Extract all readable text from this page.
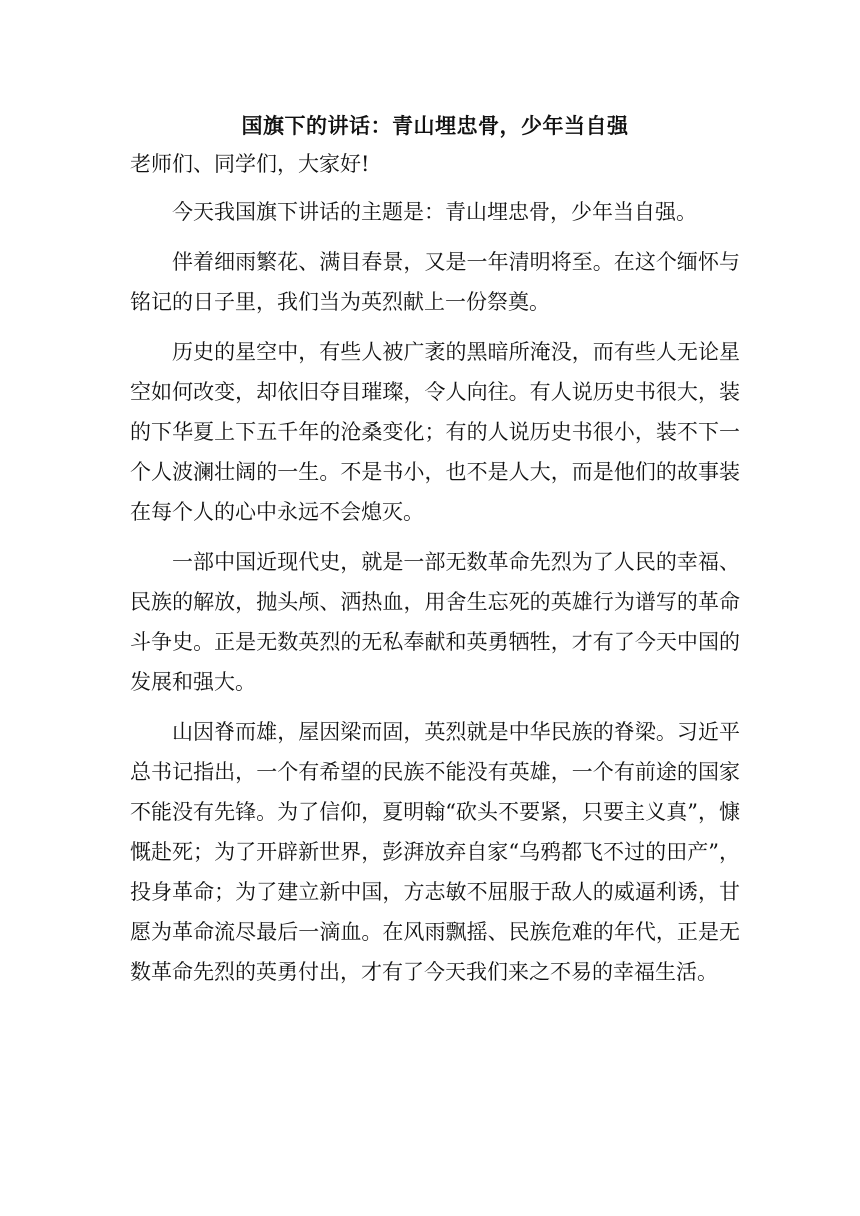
国旗下的讲话：青山埋忠骨，少年当自强

老师们、同学们，大家好!

今天我国旗下讲话的主题是：青山埋忠骨，少年当自强。

伴着细雨繁花、满目春景，又是一年清明将至。在这个缅怀与铭记的日子里，我们当为英烈献上一份祭奠。

历史的星空中，有些人被广袤的黑暗所淹没，而有些人无论星空如何改变，却依旧夺目璀璨，令人向往。有人说历史书很大，装的下华夏上下五千年的沧桑变化；有的人说历史书很小，装不下一个人波澜壮阔的一生。不是书小，也不是人大，而是他们的故事装在每个人的心中永远不会熄灭。

一部中国近现代史，就是一部无数革命先烈为了人民的幸福、民族的解放，抛头颅、洒热血，用舍生忘死的英雄行为谱写的革命斗争史。正是无数英烈的无私奉献和英勇牺牲，才有了今天中国的发展和强大。

山因脊而雄，屋因梁而固，英烈就是中华民族的脊梁。习近平总书记指出，一个有希望的民族不能没有英雄，一个有前途的国家不能没有先锋。为了信仰，夏明翰“砍头不要紧，只要主义真”，慷慨赴死；为了开辟新世界，彭湃放弃自家“乌鸦都飞不过的田产”，投身革命；为了建立新中国，方志敏不屈服于敌人的威逼利诱，甘愿为革命流尽最后一滴血。在风雨飘摇、民族危难的年代，正是无数革命先烈的英勇付出，才有了今天我们来之不易的幸福生活。
